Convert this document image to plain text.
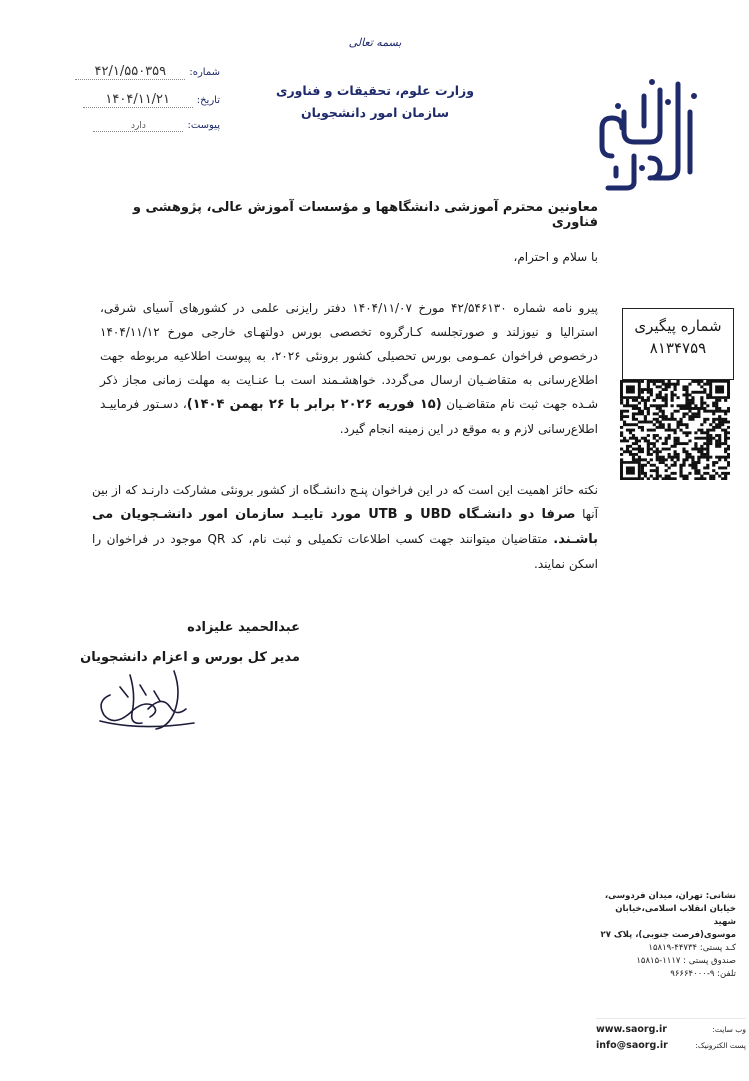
بسمه تعالی
وزارت علوم، تحقیقات و فناوری
سازمان امور دانشجویان
شماره:
۴۲/۱/۵۵۰۳۵۹
تاریخ:
۱۴۰۴/۱۱/۲۱
پیوست:
دارد
شماره پیگیری
۸۱۳۴۷۵۹
معاونین محترم آموزشی دانشگاهها و مؤسسات آموزش عالی، پژوهشی و فناوری
با سلام و احترام،
پیرو نامه شماره ۴۲/۵۴۶۱۳۰ مورخ ۱۴۰۴/۱۱/۰۷ دفتر رایزنی علمی در کشورهای آسیای شرقی، استرالیا و نیوزلند و صورتجلسه کـارگروه تخصصی بورس دولتهـای خارجی مورخ ۱۴۰۴/۱۱/۱۲ درخصوص فراخوان عمـومی بورس تحصیلی کشور برونئی ۲۰۲۶، به پیوست اطلاعیه مربوطه جهت اطلاع‌رسانی به متقاضـیان ارسال می‌گردد. خواهشـمند است بـا عنـایت به مهلت زمانی مجاز ذکر شـده جهت ثبت نام متقاضـیان (۱۵ فوریه ۲۰۲۶ برابر با ۲۶ بهمن ۱۴۰۴)، دسـتور فرماییـد اطلاع‌رسانی لازم و به موقع در این زمینه انجام گیرد.
نکته حائز اهمیت این است که در این فراخوان پنـج دانشـگاه از کشور برونئی مشارکت دارنـد که از بین آنها صرفا دو دانشـگاه UBD و UTB مورد تاییـد سازمان امور دانشـجویان می باشـند. متقاضیان میتوانند جهت کسب اطلاعات تکمیلی و ثبت نام، کد QR موجود در فراخوان را اسکن نمایند.
عبدالحمید علیزاده
مدیر کل بورس و اعزام دانشجویان
نشانی: تهران، میدان فردوسی،
خیابان انقلاب اسلامی،خیابان شهید
موسوی(فرصت جنوبی)، پلاک ۲۷
کـد پستی: ۴۴۷۳۴-۱۵۸۱۹
صندوق پستی : ۱۱۱۷-۱۵۸۱۵
تلفن: ۹-۹۶۶۶۴۰۰۰
وب سایت:
www.saorg.ir
پست الکترونیک:
info@saorg.ir
